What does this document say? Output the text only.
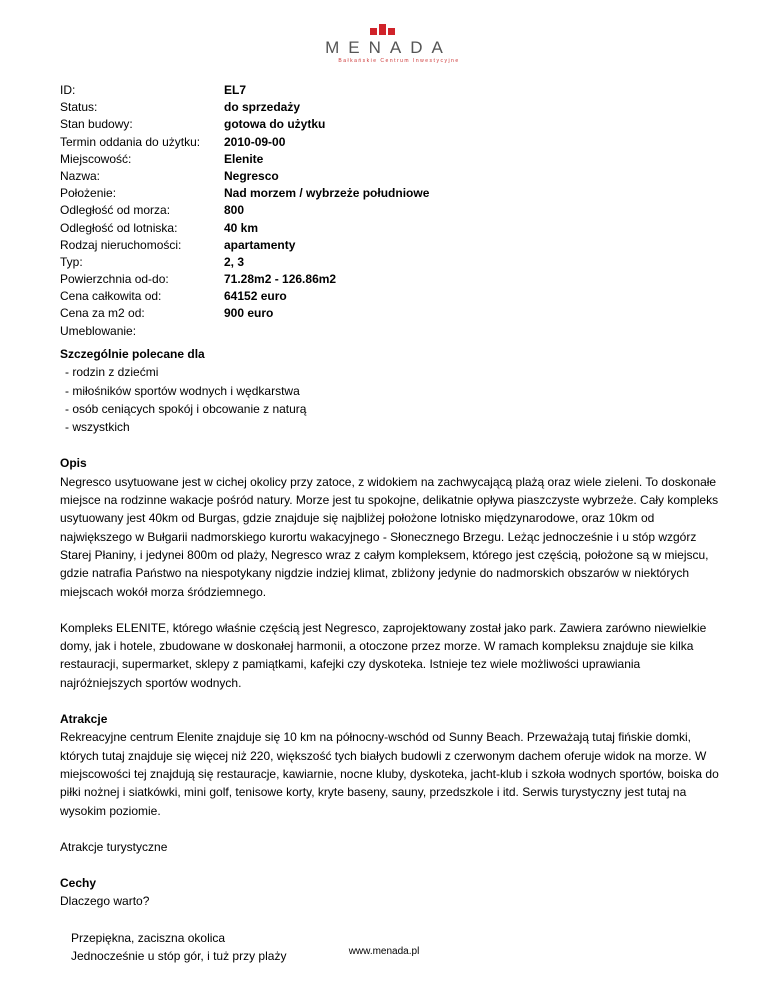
MENADA
Bałkańskie Centrum Inwestycyjne
ID:	EL7
Status:	do sprzedaży
Stan budowy:	gotowa do użytku
Termin oddania do użytku:	2010-09-00
Miejscowość:	Elenite
Nazwa:	Negresco
Położenie:	Nad morzem / wybrzeże południowe
Odległość od morza:	800
Odległość od lotniska:	40 km
Rodzaj nieruchomości:	apartamenty
Typ:	2, 3
Powierzchnia od-do:	71.28m2 - 126.86m2
Cena całkowita od:	64152 euro
Cena za m2 od:	900 euro
Umeblowanie:
Szczególnie polecane dla
- rodzin z dziećmi
- miłośników sportów wodnych i wędkarstwa
- osób ceniących spokój i obcowanie z naturą
- wszystkich
Opis

Negresco usytuowane jest w cichej okolicy przy zatoce, z widokiem na zachwycającą plażą oraz wiele zieleni. To doskonałe miejsce na rodzinne wakacje pośród natury. Morze jest tu spokojne, delikatnie opływa piaszczyste wybrzeże. Cały kompleks usytuowany jest 40km od Burgas, gdzie znajduje się najbliżej położone lotnisko międzynarodowe, oraz 10km od największego w Bułgarii nadmorskiego kurortu wakacyjnego - Słonecznego Brzegu. Leżąc jednocześnie i u stóp wzgórz Starej Płaniny, i jedynei 800m od plaży, Negresco wraz z całym kompleksem, którego jest częścią, położone są w miejscu, gdzie natrafia Państwo na niespotykany nigdzie indziej klimat, zbliżony jedynie do nadmorskich obszarów w niektórych miejscach wokół morza śródziemnego.

Kompleks ELENITE, którego właśnie częścią jest Negresco, zaprojektowany został jako park. Zawiera zarówno niewielkie domy, jak i hotele, zbudowane w doskonałej harmonii, a otoczone przez morze. W ramach kompleksu znajduje sie kilka restauracji, supermarket, sklepy z pamiątkami, kafejki czy dyskoteka. Istnieje tez wiele możliwości uprawiania najróżniejszych sportów wodnych.

Atrakcje

Rekreacyjne centrum Elenite znajduje się 10 km na północny-wschód od Sunny Beach. Przeważają tutaj fińskie domki, których tutaj znajduje się więcej niż 220, większość tych białych budowli z czerwonym dachem oferuje widok na morze. W miejscowości tej znajdują się restauracje, kawiarnie, nocne kluby, dyskoteka, jacht-klub i szkoła wodnych sportów, boiska do piłki nożnej i siatkówki, mini golf, tenisowe korty, kryte baseny, sauny, przedszkole i itd. Serwis turystyczny jest tutaj na wysokim poziomie.

Atrakcje turystyczne

Cechy

Dlaczego warto?

Przepiękna, zaciszna okolica

Jednocześnie u stóp gór, i tuż przy plaży	www.menada.pl
